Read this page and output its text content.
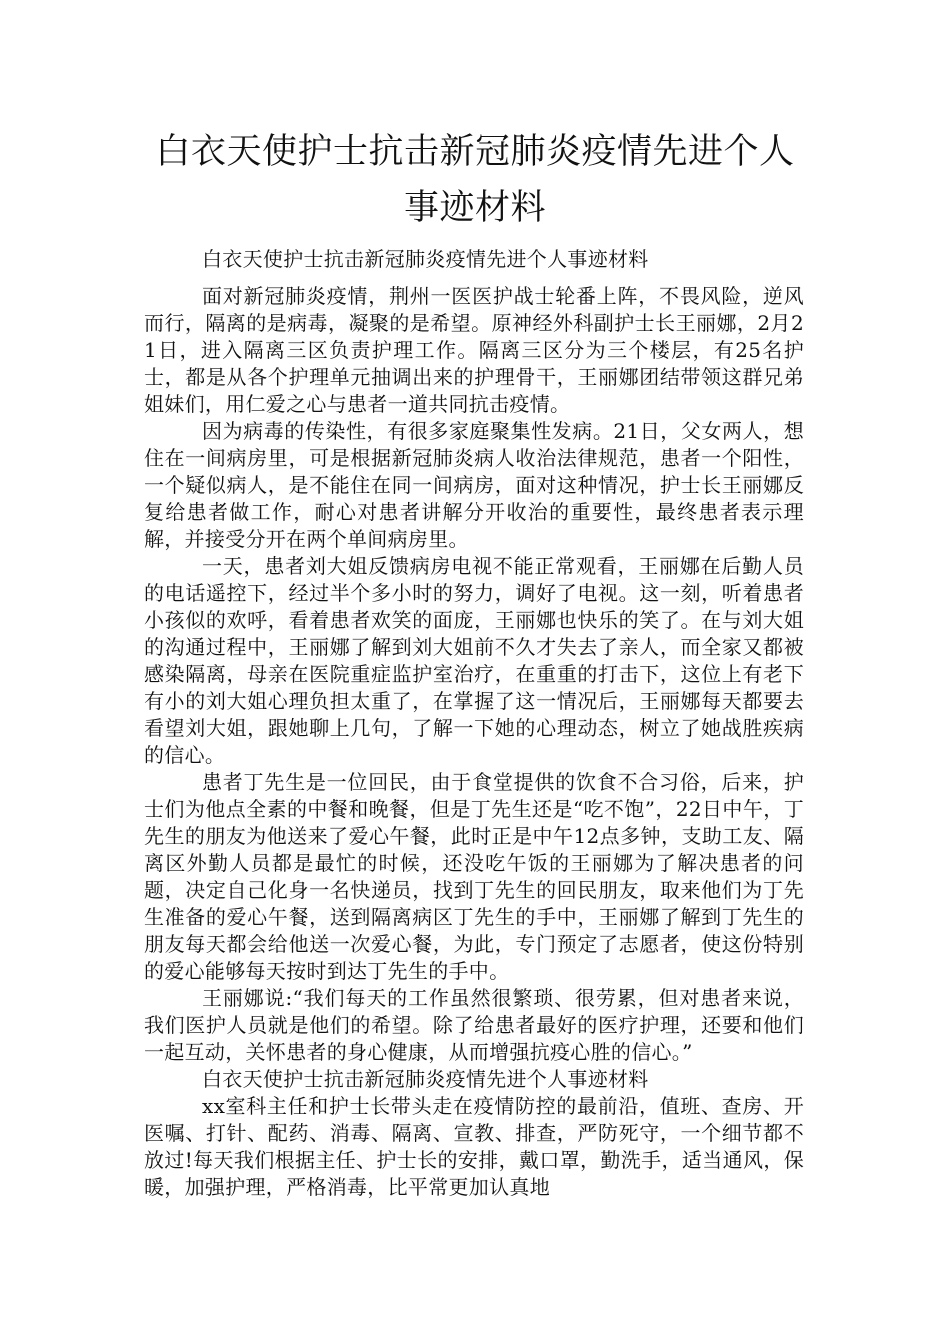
白衣天使护士抗击新冠肺炎疫情先进个人事迹材料

白衣天使护士抗击新冠肺炎疫情先进个人事迹材料

面对新冠肺炎疫情，荆州一医医护战士轮番上阵，不畏风险，逆风而行，隔离的是病毒，凝聚的是希望。原神经外科副护士长王丽娜，2月21日，进入隔离三区负责护理工作。隔离三区分为三个楼层，有25名护士，都是从各个护理单元抽调出来的护理骨干，王丽娜团结带领这群兄弟姐妹们，用仁爱之心与患者一道共同抗击疫情。

因为病毒的传染性，有很多家庭聚集性发病。21日，父女两人，想住在一间病房里，可是根据新冠肺炎病人收治法律规范，患者一个阳性，一个疑似病人，是不能住在同一间病房，面对这种情况，护士长王丽娜反复给患者做工作，耐心对患者讲解分开收治的重要性，最终患者表示理解，并接受分开在两个单间病房里。

一天，患者刘大姐反馈病房电视不能正常观看，王丽娜在后勤人员的电话遥控下，经过半个多小时的努力，调好了电视。这一刻，听着患者小孩似的欢呼，看着患者欢笑的面庞，王丽娜也快乐的笑了。在与刘大姐的沟通过程中，王丽娜了解到刘大姐前不久才失去了亲人，而全家又都被感染隔离，母亲在医院重症监护室治疗，在重重的打击下，这位上有老下有小的刘大姐心理负担太重了，在掌握了这一情况后，王丽娜每天都要去看望刘大姐，跟她聊上几句，了解一下她的心理动态，树立了她战胜疾病的信心。

患者丁先生是一位回民，由于食堂提供的饮食不合习俗，后来，护士们为他点全素的中餐和晚餐，但是丁先生还是“吃不饱”，22日中午，丁先生的朋友为他送来了爱心午餐，此时正是中午12点多钟，支助工友、隔离区外勤人员都是最忙的时候，还没吃午饭的王丽娜为了解决患者的问题，决定自己化身一名快递员，找到丁先生的回民朋友，取来他们为丁先生准备的爱心午餐，送到隔离病区丁先生的手中，王丽娜了解到丁先生的朋友每天都会给他送一次爱心餐，为此，专门预定了志愿者，使这份特别的爱心能够每天按时到达丁先生的手中。

王丽娜说:“我们每天的工作虽然很繁琐、很劳累，但对患者来说，我们医护人员就是他们的希望。除了给患者最好的医疗护理，还要和他们一起互动，关怀患者的身心健康，从而增强抗疫心胜的信心。”

白衣天使护士抗击新冠肺炎疫情先进个人事迹材料

xx室科主任和护士长带头走在疫情防控的最前沿，值班、查房、开医嘱、打针、配药、消毒、隔离、宣教、排查，严防死守，一个细节都不放过!每天我们根据主任、护士长的安排，戴口罩，勤洗手，适当通风，保暖，加强护理，严格消毒，比平常更加认真地
